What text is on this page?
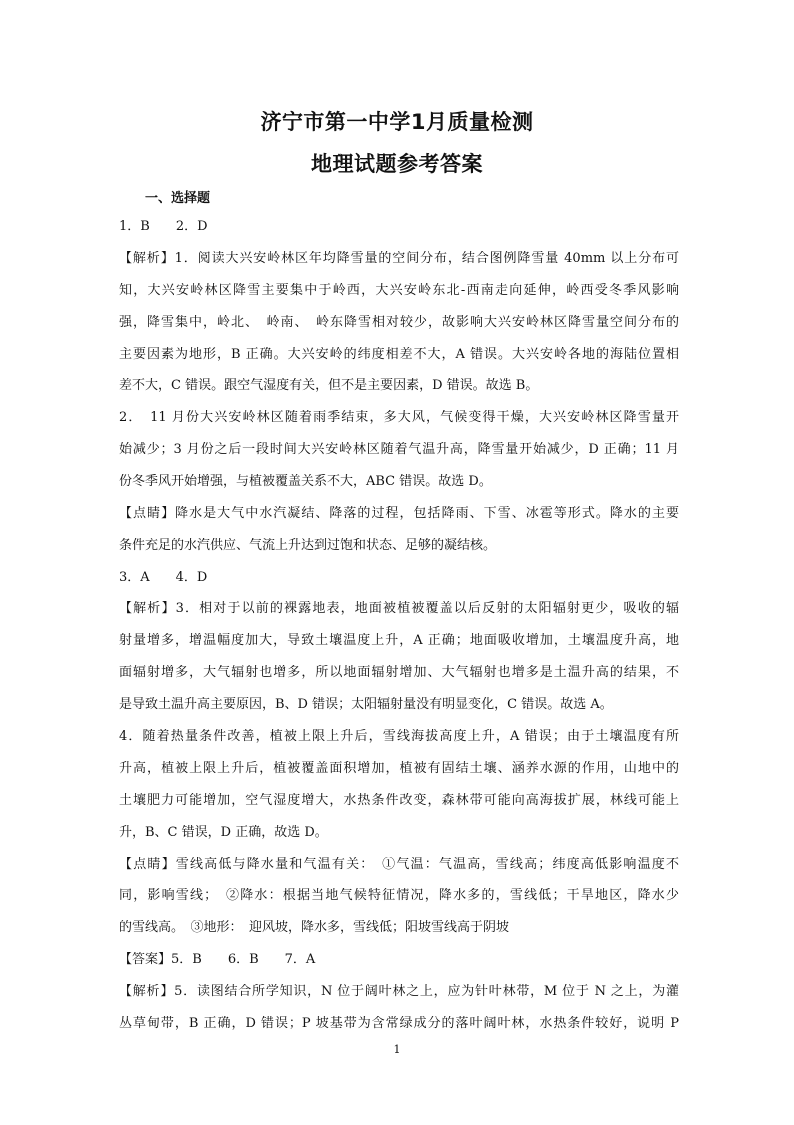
济宁市第一中学1月质量检测
地理试题参考答案
一、选择题
1．B　　2．D
【解析】1．阅读大兴安岭林区年均降雪量的空间分布，结合图例降雪量 40mm 以上分布可
知，大兴安岭林区降雪主要集中于岭西，大兴安岭东北-西南走向延伸，岭西受冬季风影响
强，降雪集中，岭北、　岭南、　岭东降雪相对较少，故影响大兴安岭林区降雪量空间分布的
主要因素为地形，B 正确。大兴安岭的纬度相差不大，A 错误。大兴安岭各地的海陆位置相
差不大，C 错误。跟空气湿度有关，但不是主要因素，D 错误。故选 B。
2．　11 月份大兴安岭林区随着雨季结束，多大风，气候变得干燥，大兴安岭林区降雪量开
始减少；3 月份之后一段时间大兴安岭林区随着气温升高，降雪量开始减少，D 正确；11 月
份冬季风开始增强，与植被覆盖关系不大，ABC 错误。故选 D。
【点睛】降水是大气中水汽凝结、降落的过程，包括降雨、下雪、冰雹等形式。降水的主要
条件充足的水汽供应、气流上升达到过饱和状态、足够的凝结核。
3．A　　4．D
【解析】3．相对于以前的裸露地表，地面被植被覆盖以后反射的太阳辐射更少，吸收的辐
射量增多，增温幅度加大，导致土壤温度上升，A 正确；地面吸收增加，土壤温度升高，地
面辐射增多，大气辐射也增多，所以地面辐射增加、大气辐射也增多是土温升高的结果，不
是导致土温升高主要原因，B、D 错误；太阳辐射量没有明显变化，C 错误。故选 A。
4．随着热量条件改善，植被上限上升后，雪线海拔高度上升，A 错误；由于土壤温度有所
升高，植被上限上升后，植被覆盖面积增加，植被有固结土壤、涵养水源的作用，山地中的
土壤肥力可能增加，空气湿度增大，水热条件改变，森林带可能向高海拔扩展，林线可能上
升，B、C 错误，D 正确，故选 D。
【点睛】雪线高低与降水量和气温有关：　①气温：气温高，雪线高；纬度高低影响温度不
同，影响雪线；　②降水：根据当地气候特征情况，降水多的，雪线低；干旱地区，降水少
的雪线高。　③地形：　迎风坡，降水多，雪线低；阳坡雪线高于阴坡
【答案】5．B　　6．B　　7．A
【解析】5．读图结合所学知识，N 位于阔叶林之上，应为针叶林带，M 位于 N 之上，为灌
丛草甸带，B 正确，D 错误；P 坡基带为含常绿成分的落叶阔叶林，水热条件较好，说明 P
1
